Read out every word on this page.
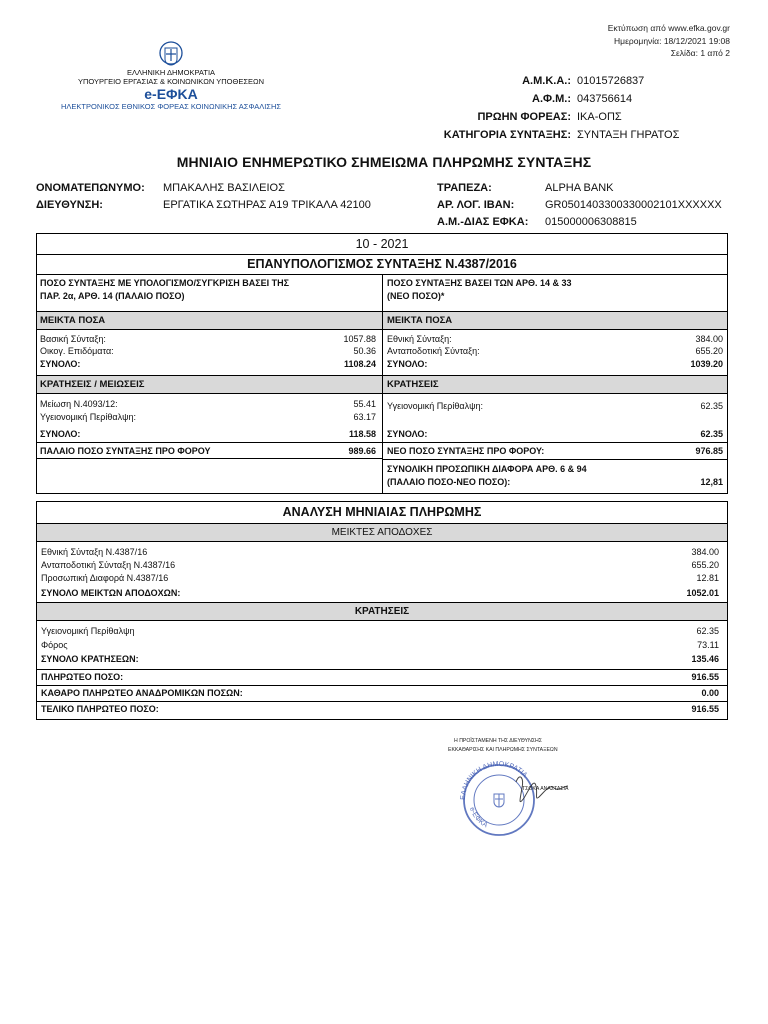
Εκτύπωση από www.efka.gov.gr
Ημερομηνία: 18/12/2021 19:08
Σελίδα: 1 από 2
ΕΛΛΗΝΙΚΗ ΔΗΜΟΚΡΑΤΙΑ
ΥΠΟΥΡΓΕΙΟ ΕΡΓΑΣΙΑΣ & ΚΟΙΝΩΝΙΚΩΝ ΥΠΟΘΕΣΕΩΝ
e-ΕΦΚΑ
ΗΛΕΚΤΡΟΝΙΚΟΣ ΕΘΝΙΚΟΣ ΦΟΡΕΑΣ ΚΟΙΝΩΝΙΚΗΣ ΑΣΦΑΛΙΣΗΣ
Α.Μ.Κ.Α.: 01015726837
Α.Φ.Μ.: 043756614
ΠΡΩΗΝ ΦΟΡΕΑΣ: ΙΚΑ-ΟΠΣ
ΚΑΤΗΓΟΡΙΑ ΣΥΝΤΑΞΗΣ: ΣΥΝΤΑΞΗ ΓΗΡΑΤΟΣ
ΜΗΝΙΑΙΟ ΕΝΗΜΕΡΩΤΙΚΟ ΣΗΜΕΙΩΜΑ ΠΛΗΡΩΜΗΣ ΣΥΝΤΑΞΗΣ
ΟΝΟΜΑΤΕΠΩΝΥΜΟ:	ΜΠΑΚΑΛΗΣ ΒΑΣΙΛΕΙΟΣ
ΔΙΕΥΘΥΝΣΗ:	ΕΡΓΑΤΙΚΑ ΣΩΤΗΡΑΣ Α19 ΤΡΙΚΑΛΑ 42100
ΤΡΑΠΕΖΑ:	ALPHA BANK
ΑΡ. ΛΟΓ. IBAN:	GR0501403300330002101XXXXXX
Α.Μ.-ΔΙΑΣ ΕΦΚΑ:	015000006308815
10 - 2021
ΕΠΑΝΥΠΟΛΟΓΙΣΜΟΣ ΣΥΝΤΑΞΗΣ Ν.4387/2016
ΠΟΣΟ ΣΥΝΤΑΞΗΣ ΜΕ ΥΠΟΛΟΓΙΣΜΟ/ΣΥΓΚΡΙΣΗ ΒΑΣΕΙ ΤΗΣ
ΠΑΡ. 2α, ΑΡΘ. 14 (ΠΑΛΑΙΟ ΠΟΣΟ)
ΠΟΣΟ ΣΥΝΤΑΞΗΣ ΒΑΣΕΙ ΤΩΝ ΑΡΘ. 14 & 33
(ΝΕΟ ΠΟΣΟ)*
ΜΕΙΚΤΑ ΠΟΣΑ	ΜΕΙΚΤΑ ΠΟΣΑ
Βασική Σύνταξη:	1057.88
Οικογ. Επιδόματα:	50.36
ΣΥΝΟΛΟ:	1108.24
Εθνική Σύνταξη:	384.00
Ανταποδοτική Σύνταξη:	655.20
ΣΥΝΟΛΟ:	1039.20
ΚΡΑΤΗΣΕΙΣ / ΜΕΙΩΣΕΙΣ	ΚΡΑΤΗΣΕΙΣ
Μείωση Ν.4093/12:	55.41
Υγειονομική Περίθαλψη:	63.17
ΣΥΝΟΛΟ:	118.58
Υγειονομική Περίθαλψη:	62.35
ΣΥΝΟΛΟ:	62.35
ΠΑΛΑΙΟ ΠΟΣΟ ΣΥΝΤΑΞΗΣ ΠΡΟ ΦΟΡΟΥ	989.66 ΝΕΟ ΠΟΣΟ ΣΥΝΤΑΞΗΣ ΠΡΟ ΦΟΡΟΥ:	976.85
ΣΥΝΟΛΙΚΗ ΠΡΟΣΩΠΙΚΗ ΔΙΑΦΟΡΑ ΑΡΘ. 6 & 94
(ΠΑΛΑΙΟ ΠΟΣΟ-ΝΕΟ ΠΟΣΟ):	12,81
ΑΝΑΛΥΣΗ ΜΗΝΙΑΙΑΣ ΠΛΗΡΩΜΗΣ
ΜΕΙΚΤΕΣ ΑΠΟΔΟΧΕΣ
Εθνική Σύνταξη Ν.4387/16	384.00
Ανταποδοτική Σύνταξη Ν.4387/16	655.20
Προσωπική Διαφορά Ν.4387/16	12.81
ΣΥΝΟΛΟ ΜΕΙΚΤΩΝ ΑΠΟΔΟΧΩΝ:	1052.01
ΚΡΑΤΗΣΕΙΣ
Υγειονομική Περίθαλψη	62.35
Φόρος	73.11
ΣΥΝΟΛΟ ΚΡΑΤΗΣΕΩΝ:	135.46
ΠΛΗΡΩΤΕΟ ΠΟΣΟ:	916.55
ΚΑΘΑΡΟ ΠΛΗΡΩΤΕΟ ΑΝΑΔΡΟΜΙΚΩΝ ΠΟΣΩΝ:	0.00
ΤΕΛΙΚΟ ΠΛΗΡΩΤΕΟ ΠΟΣΟ:	916.55
ΕΛΛΗΝΙΚΗ ΔΗΜΟΚΡΑΤΙΑ
e-ΕΦΚΑ
Η ΠΡΟΪΣΤΑΜΕΝΗ ΤΗΣ ΔΙΕΥΘΥΝΣΗΣ
ΕΚΚΑΘΑΡΙΣΗΣ ΚΑΙ ΠΛΗΡΩΜΗΣ ΣΥΝΤΑΞΕΩΝ
ΤΣΟΚΑ ΑΝΑΣΤΑΣΙΑ
